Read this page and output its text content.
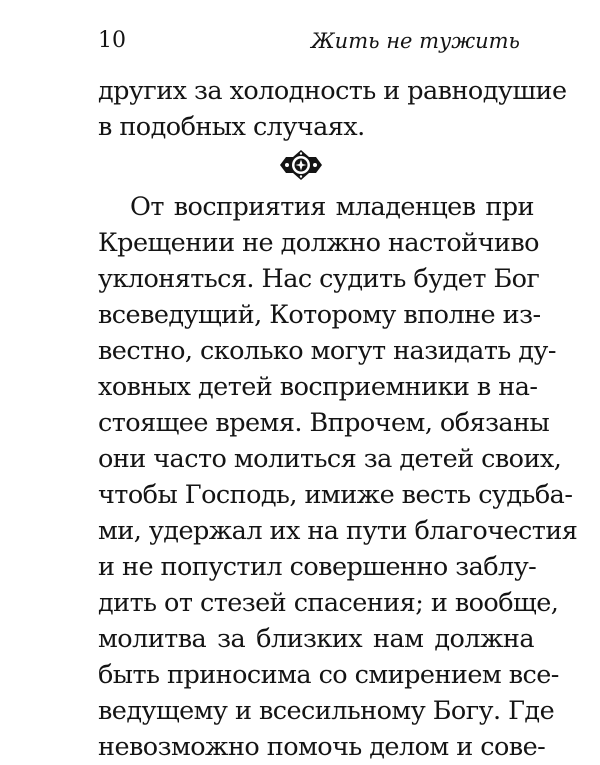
10	Жить не тужить
других за холодность и равнодушие
в подобных случаях.
От восприятия младенцев при
Крещении не должно настойчиво
уклоняться. Нас судить будет Бог
всеведущий, Которому вполне из-
вестно, сколько могут назидать ду-
ховных детей восприемники в на-
стоящее время. Впрочем, обязаны
они часто молиться за детей своих,
чтобы Господь, имиже весть судьба-
ми, удержал их на пути благочестия
и не попустил совершенно заблу-
дить от стезей спасения; и вообще,
молитва за близких нам должна
быть приносима со смирением все-
ведущему и всесильному Богу. Где
невозможно помочь делом и сове-
